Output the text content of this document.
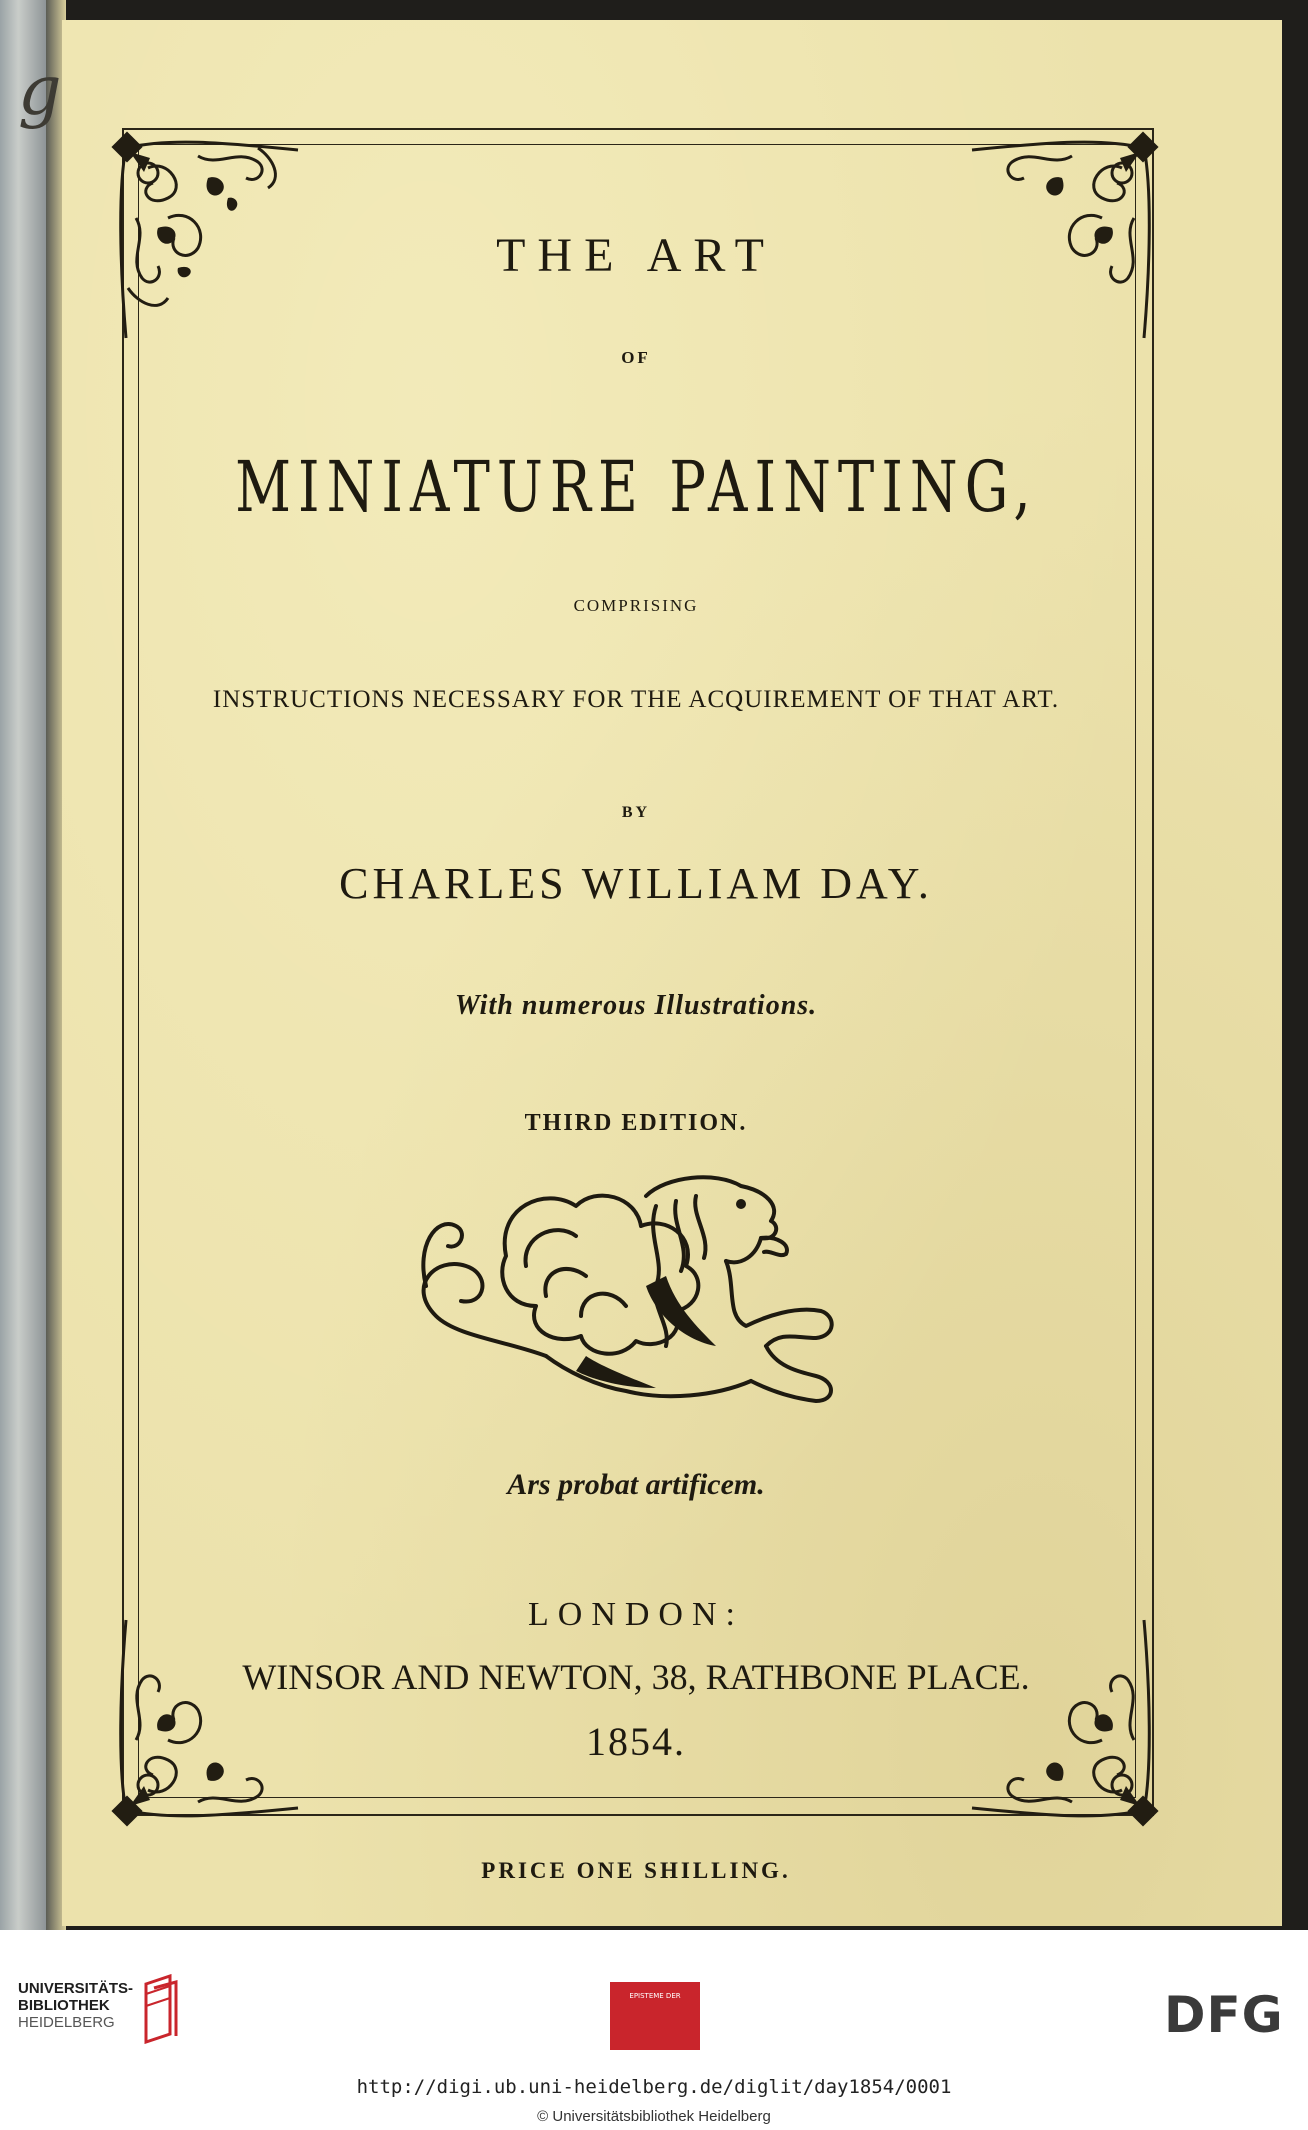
g
THE ART
OF
MINIATURE PAINTING,
COMPRISING
INSTRUCTIONS NECESSARY FOR THE ACQUIREMENT OF THAT ART.
BY
CHARLES WILLIAM DAY.
With numerous Illustrations.
THIRD EDITION.
Ars probat artificem.
LONDON:
WINSOR AND NEWTON, 38, RATHBONE PLACE.
1854.
PRICE ONE SHILLING.
UNIVERSITÄTS-
BIBLIOTHEK
HEIDELBERG
EPISTEME DER	DFG
http://digi.ub.uni-heidelberg.de/diglit/day1854/0001
© Universitätsbibliothek Heidelberg
